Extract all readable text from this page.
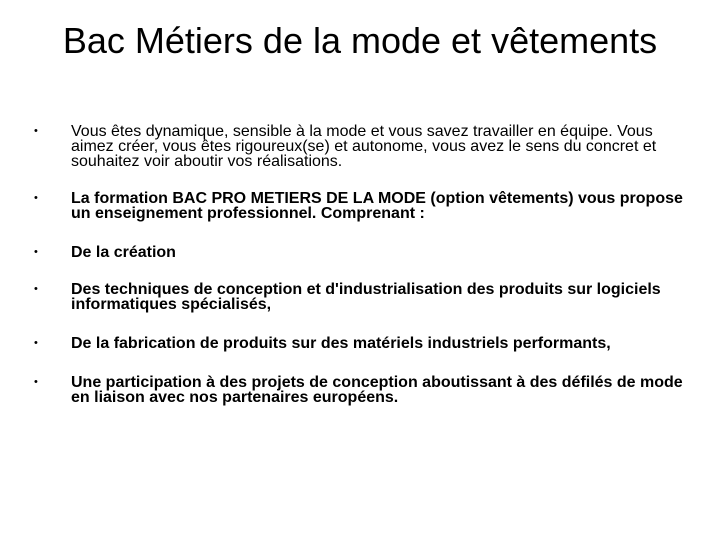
Bac Métiers de la mode et vêtements
• Vous êtes dynamique, sensible à la mode et vous savez travailler en équipe. Vous aimez créer, vous êtes rigoureux(se) et autonome, vous avez le sens du concret et souhaitez voir aboutir vos réalisations.
• La formation BAC PRO METIERS DE LA MODE (option vêtements) vous propose un enseignement professionnel. Comprenant :
• De la création
• Des techniques de conception et d'industrialisation des produits sur logiciels informatiques spécialisés,
• De la fabrication de produits sur des matériels industriels performants,
• Une participation à des projets de conception aboutissant à des défilés de mode en liaison avec nos partenaires européens.
